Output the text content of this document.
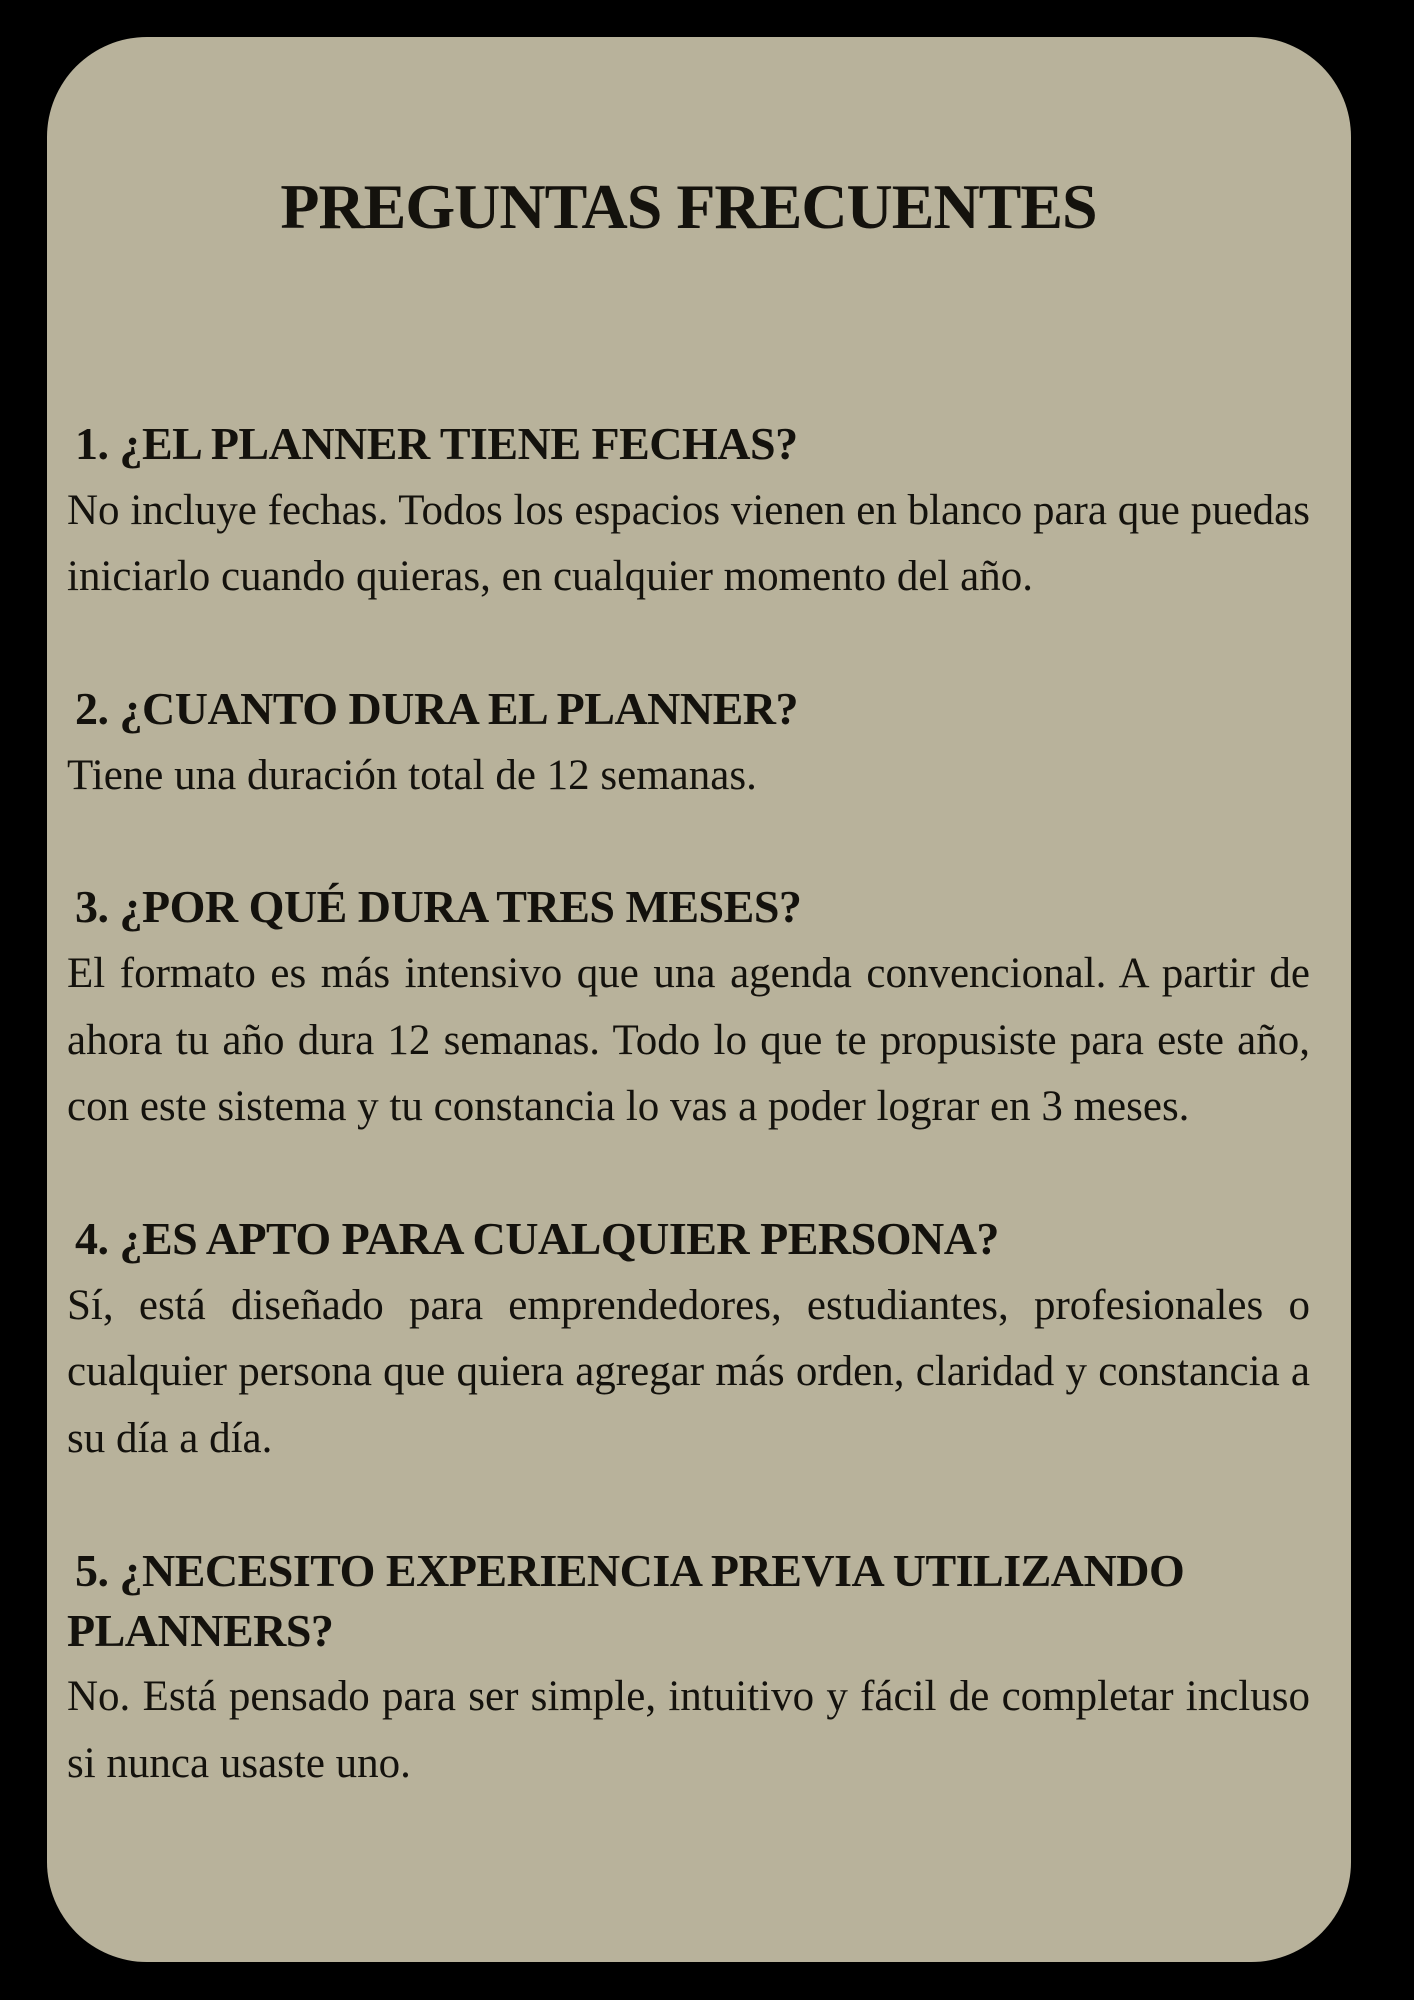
PREGUNTAS FRECUENTES
1. ¿EL PLANNER TIENE FECHAS?

No incluye fechas. Todos los espacios vienen en blanco para que puedas iniciarlo cuando quieras, en cualquier momento del año.

2. ¿CUANTO DURA EL PLANNER?

Tiene una duración total de 12 semanas.

3. ¿POR QUÉ DURA TRES MESES?

El formato es más intensivo que una agenda convencional. A partir de ahora tu año dura 12 semanas. Todo lo que te propusiste para este año, con este sistema y tu constancia lo vas a poder lograr en 3 meses.

4. ¿ES APTO PARA CUALQUIER PERSONA?

Sí, está diseñado para emprendedores, estudiantes, profesionales o cualquier persona que quiera agregar más orden, claridad y constancia a su día a día.

5. ¿NECESITO EXPERIENCIA PREVIA UTILIZANDO PLANNERS?

No. Está pensado para ser simple, intuitivo y fácil de completar incluso si nunca usaste uno.
